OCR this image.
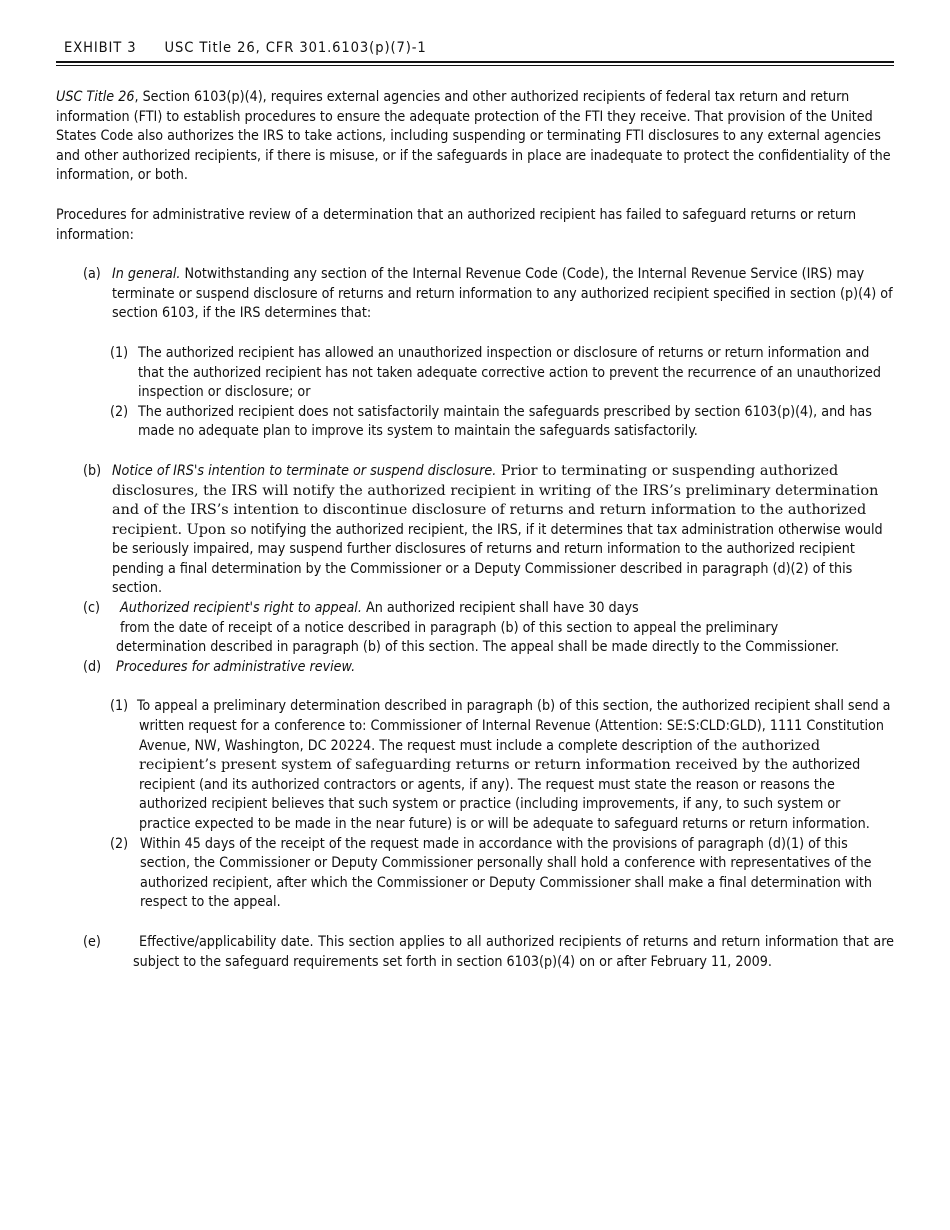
EXHIBIT 3 USC Title 26, CFR 301.6103(p)(7)-1

USC Title 26, Section 6103(p)(4), requires external agencies and other authorized recipients of federal tax return and return information (FTI) to establish procedures to ensure the adequate protection of the FTI they receive. That provision of the United States Code also authorizes the IRS to take actions, including suspending or terminating FTI disclosures to any external agencies and other authorized recipients, if there is misuse, or if the safeguards in place are inadequate to protect the confidentiality of the information, or both.

Procedures for administrative review of a determination that an authorized recipient has failed to safeguard returns or return information:

(a) In general. Notwithstanding any section of the Internal Revenue Code (Code), the Internal Revenue Service (IRS) may terminate or suspend disclosure of returns and return information to any authorized recipient specified in section (p)(4) of section 6103, if the IRS determines that:

(1) The authorized recipient has allowed an unauthorized inspection or disclosure of returns or return information and that the authorized recipient has not taken adequate corrective action to prevent the recurrence of an unauthorized inspection or disclosure; or

(2) The authorized recipient does not satisfactorily maintain the safeguards prescribed by section 6103(p)(4), and has made no adequate plan to improve its system to maintain the safeguards satisfactorily.

(b) Notice of IRS's intention to terminate or suspend disclosure. Prior to terminating or suspending authorized disclosures, the IRS will notify the authorized recipient in writing of the IRS’s preliminary determination and of the IRS’s intention to discontinue disclosure of returns and return information to the authorized recipient. Upon so notifying the authorized recipient, the IRS, if it determines that tax administration otherwise would be seriously impaired, may suspend further disclosures of returns and return information to the authorized recipient pending a final determination by the Commissioner or a Deputy Commissioner described in paragraph (d)(2) of this section.

(c)	Authorized recipient's right to appeal. An authorized recipient shall have 30 days

from the date of receipt of a notice described in paragraph (b) of this section to appeal the preliminary

determination described in paragraph (b) of this section. The appeal shall be made directly to the Commissioner.

(d) Procedures for administrative review.

(1) To appeal a preliminary determination described in paragraph (b) of this section, the authorized recipient shall send a written request for a conference to: Commissioner of Internal Revenue (Attention: SE:S:CLD:GLD), 1111 Constitution Avenue, NW, Washington, DC 20224. The request must include a complete description of the authorized recipient’s present system of safeguarding returns or return information received by the authorized recipient (and its authorized contractors or agents, if any). The request must state the reason or reasons the authorized recipient believes that such system or practice (including improvements, if any, to such system or practice expected to be made in the near future) is or will be adequate to safeguard returns or return information.

(2) Within 45 days of the receipt of the request made in accordance with the provisions of paragraph (d)(1) of this section, the Commissioner or Deputy Commissioner personally shall hold a conference with representatives of the authorized recipient, after which the Commissioner or Deputy Commissioner shall make a final determination with respect to the appeal.

(e)	Effective/applicability date. This section applies to all authorized recipients of returns and return information that are subject to the safeguard requirements set forth in section 6103(p)(4) on or after February 11, 2009.
